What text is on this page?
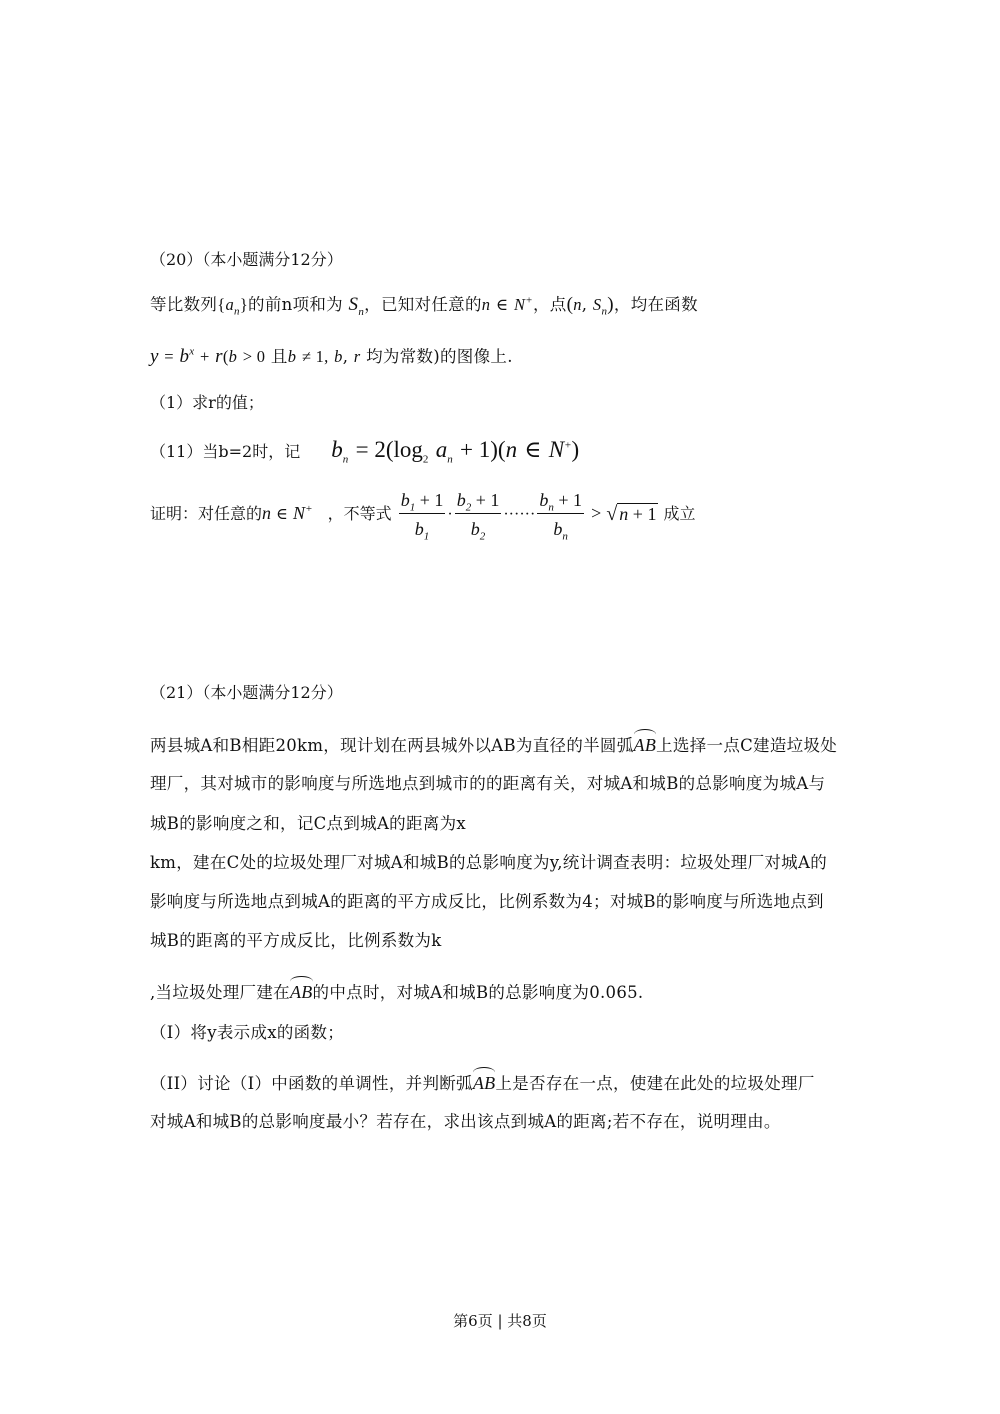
（20）（本小题满分12分）
等比数列$\{a_n\}$的前n项和为 $S_n$，已知对任意的n ∈ N+，点(n, $S_n$)，均在函数
$y = b^x + r(b > 0$ 且b ≠ 1, b, r 均为常数)的图像上.
（1）求r的值；
（11）当b=2时，记 $b_n = 2(\log_2$ $a_n + 1)(n$ ∈ N+)
证明：对任意的n ∈ N+ ，不等式 $\frac{b_1 + 1}{b_1} \cdot \frac{b_2 + 1}{b_2}$ ······ $\frac{b_n + 1}{b_n}$ > √ n + 1 成立
（21）（本小题满分12分）
两县城A和B相距20km，现计划在两县城外以AB为直径的半圆弧AB上选择一点C建造垃圾处
理厂，其对城市的影响度与所选地点到城市的的距离有关，对城A和城B的总影响度为城A与
城B的影响度之和，记C点到城A的距离为x
km，建在C处的垃圾处理厂对城A和城B的总影响度为y,统计调查表明：垃圾处理厂对城A的
影响度与所选地点到城A的距离的平方成反比，比例系数为4；对城B的影响度与所选地点到
城B的距离的平方成反比，比例系数为k
,当垃圾处理厂建在AB的中点时，对城A和城B的总影响度为0.065.
（I）将y表示成x的函数；
（II）讨论（I）中函数的单调性，并判断弧AB上是否存在一点，使建在此处的垃圾处理厂
对城A和城B的总影响度最小？若存在，求出该点到城A的距离;若不存在，说明理由。
第6页 | 共8页
